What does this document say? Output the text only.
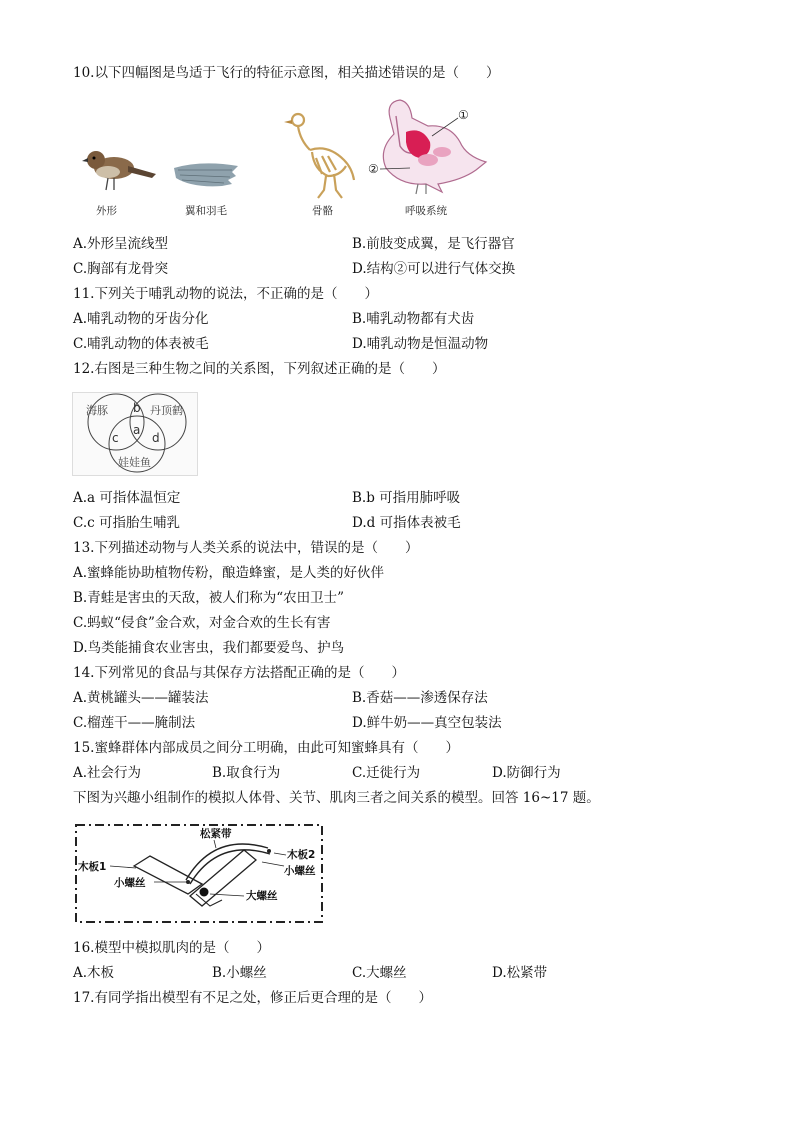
10.以下四幅图是鸟适于飞行的特征示意图，相关描述错误的是（　　）
外形	翼和羽毛	骨骼
①
②
呼吸系统
A.外形呈流线型	B.前肢变成翼，是飞行器官
C.胸部有龙骨突	D.结构②可以进行气体交换
11.下列关于哺乳动物的说法，不正确的是（　　）
A.哺乳动物的牙齿分化	B.哺乳动物都有犬齿
C.哺乳动物的体表被毛	D.哺乳动物是恒温动物
12.右图是三种生物之间的关系图，下列叙述正确的是（　　）
海豚	丹顶鹤
娃娃鱼
a
b
c	d
A.a 可指体温恒定	B.b 可指用肺呼吸
C.c 可指胎生哺乳	D.d 可指体表被毛
13.下列描述动物与人类关系的说法中，错误的是（　　）
A.蜜蜂能协助植物传粉，酿造蜂蜜，是人类的好伙伴
B.青蛙是害虫的天敌，被人们称为“农田卫士”
C.蚂蚁“侵食”金合欢，对金合欢的生长有害
D.鸟类能捕食农业害虫，我们都要爱鸟、护鸟
14.下列常见的食品与其保存方法搭配正确的是（　　）
A.黄桃罐头——罐装法	B.香菇——渗透保存法
C.榴莲干——腌制法	D.鲜牛奶——真空包装法
15.蜜蜂群体内部成员之间分工明确，由此可知蜜蜂具有（　　）
A.社会行为	B.取食行为	C.迁徙行为	D.防御行为
下图为兴趣小组制作的模拟人体骨、关节、肌肉三者之间关系的模型。回答 16~17 题。
松紧带
木板1
木板2
小螺丝
小螺丝
大螺丝
16.模型中模拟肌肉的是（　　）
A.木板	B.小螺丝	C.大螺丝	D.松紧带
17.有同学指出模型有不足之处，修正后更合理的是（　　）
